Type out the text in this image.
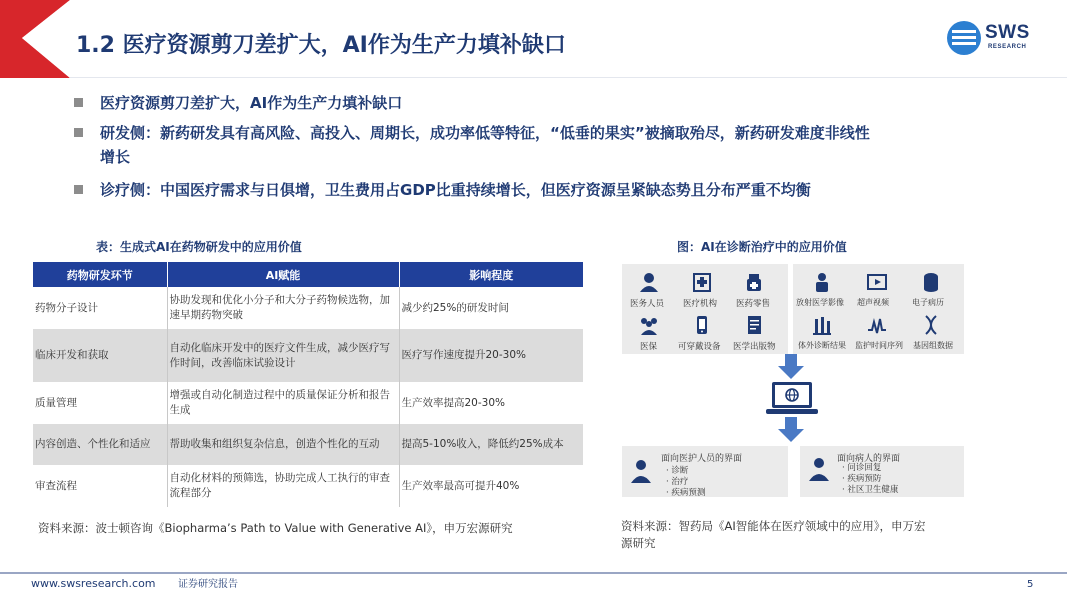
1.2 医疗资源剪刀差扩大，AI作为生产力填补缺口
SWS
RESEARCH
医疗资源剪刀差扩大，AI作为生产力填补缺口
研发侧：新药研发具有高风险、高投入、周期长，成功率低等特征，“低垂的果实”被摘取殆尽，新药研发难度非线性
增长
诊疗侧：中国医疗需求与日俱增，卫生费用占GDP比重持续增长，但医疗资源呈紧缺态势且分布严重不均衡
表：生成式AI在药物研发中的应用价值
药物研发环节	AI赋能	影响程度
药物分子设计	协助发现和优化小分子和大分子药物候选物，加速早期药物突破	减少约25%的研发时间
临床开发和获取	自动化临床开发中的医疗文件生成，减少医疗写作时间，改善临床试验设计	医疗写作速度提升20-30%
质量管理	增强或自动化制造过程中的质量保证分析和报告生成	生产效率提高20-30%
内容创造、个性化和适应	帮助收集和组织复杂信息，创造个性化的互动	提高5-10%收入，降低约25%成本
审查流程	自动化材料的预筛选，协助完成人工执行的审查流程部分	生产效率最高可提升40%
资料来源：波士顿咨询《Biopharma’s Path to Value with Generative AI》，申万宏源研究
图：AI在诊断治疗中的应用价值
医务人员 医疗机构 医药零售
医保 可穿戴设备 医学出版物
放射医学影像 超声视频	电子病历
体外诊断结果 监护时间序列 基因组数据
面向医护人员的界面
· 诊断
· 治疗
· 疾病预测
面向病人的界面
· 问诊回复
· 疾病预防
· 社区卫生健康
资料来源：智药局《AI智能体在医疗领域中的应用》，申万宏
源研究
www.swsresearch.com 证券研究报告	5
